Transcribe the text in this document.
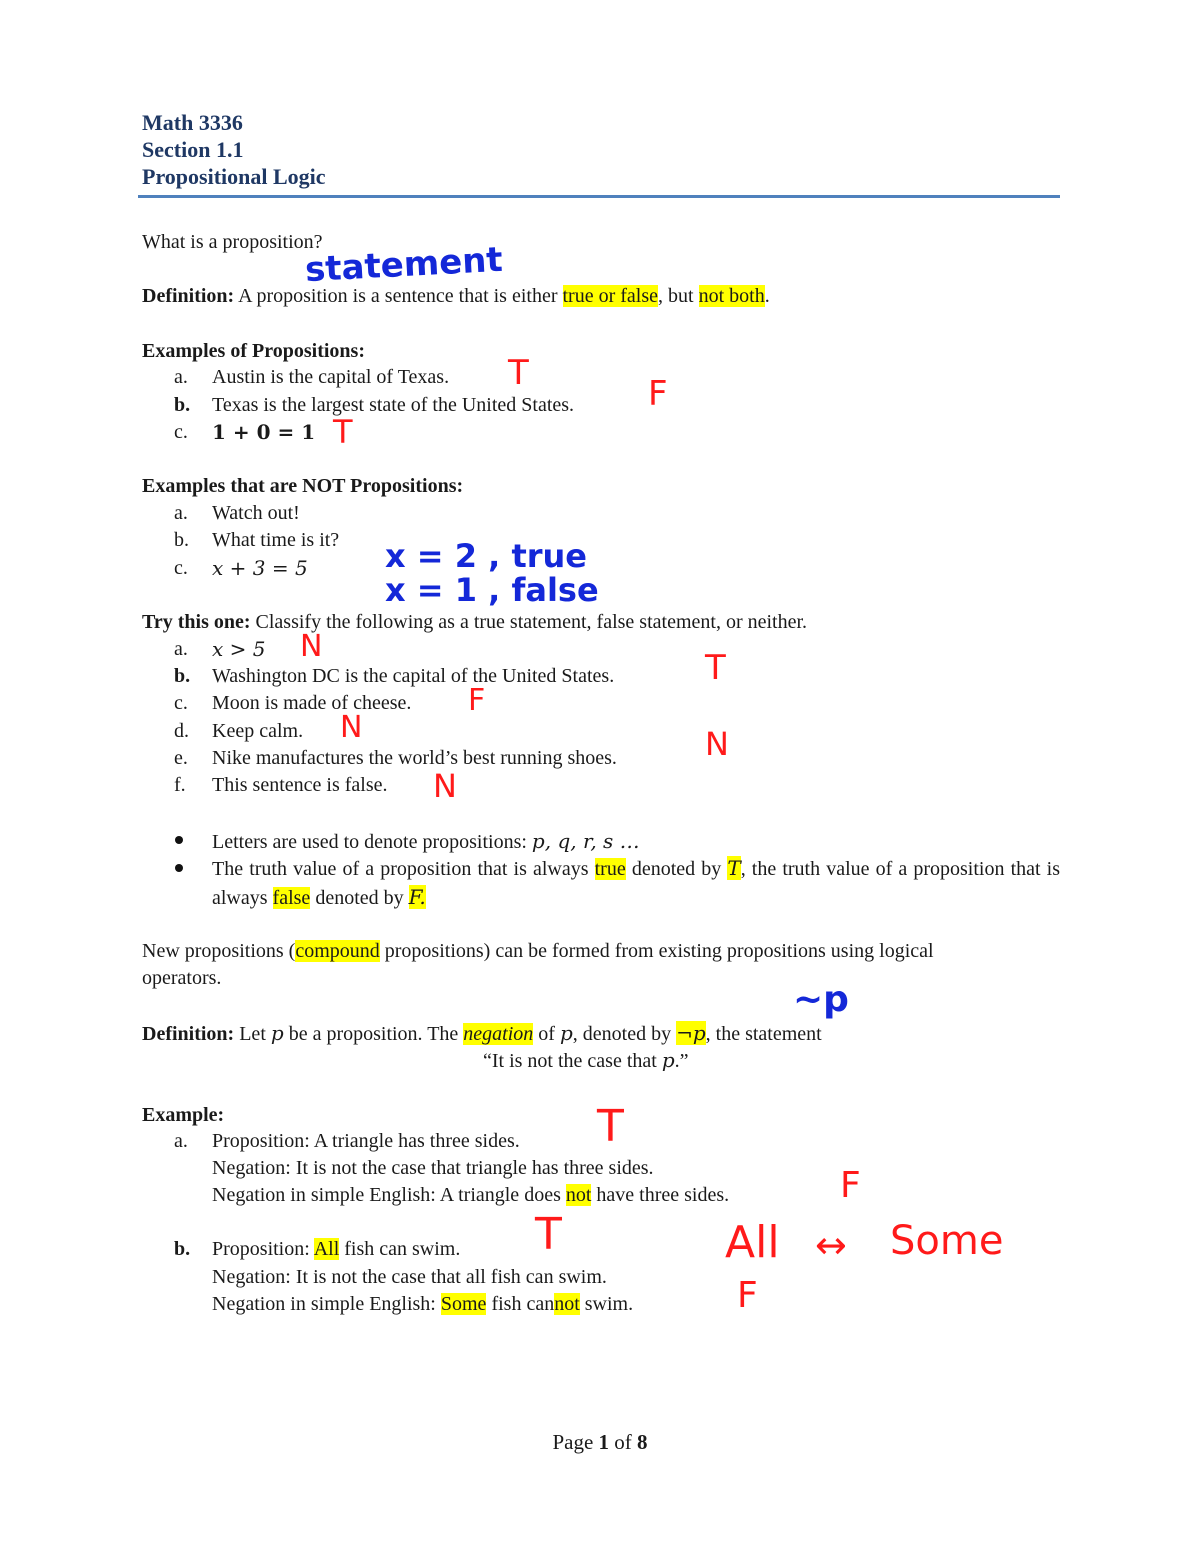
Math 3336
Section 1.1
Propositional Logic
What is a proposition?
statement
Definition: A proposition is a sentence that is either true or false, but not both.
Examples of Propositions:
a. Austin is the capital of Texas.
b. Texas is the largest state of the United States.
c. 1 + 0 = 1
T
F
T
Examples that are NOT Propositions:
a. Watch out!
b. What time is it?
c. x + 3 = 5 x = 2 , true
x = 1 , false
Try this one: Classify the following as a true statement, false statement, or neither.
a. x > 5
b. Washington DC is the capital of the United States.
c. Moon is made of cheese.
d. Keep calm.
e. Nike manufactures the world’s best running shoes.
f. This sentence is false.
N
T
F
N	N
N
Letters are used to denote propositions: p, q, r, s …
The truth value of a proposition that is always true denoted by T, the truth value of a proposition that is always false denoted by F.
New propositions (compound propositions) can be formed from existing propositions using logical
operators.
~p
Definition: Let p be a proposition. The negation of p, denoted by ¬p, the statement
“It is not the case that p.”
Example:
a. Proposition: A triangle has three sides.
Negation: It is not the case that triangle has three sides.
Negation in simple English: A triangle does not have three sides.
b. Proposition: All fish can swim.
Negation: It is not the case that all fish can swim.
Negation in simple English: Some fish cannot swim.
T
F
T
F
All ↔ Some
Page 1 of 8
